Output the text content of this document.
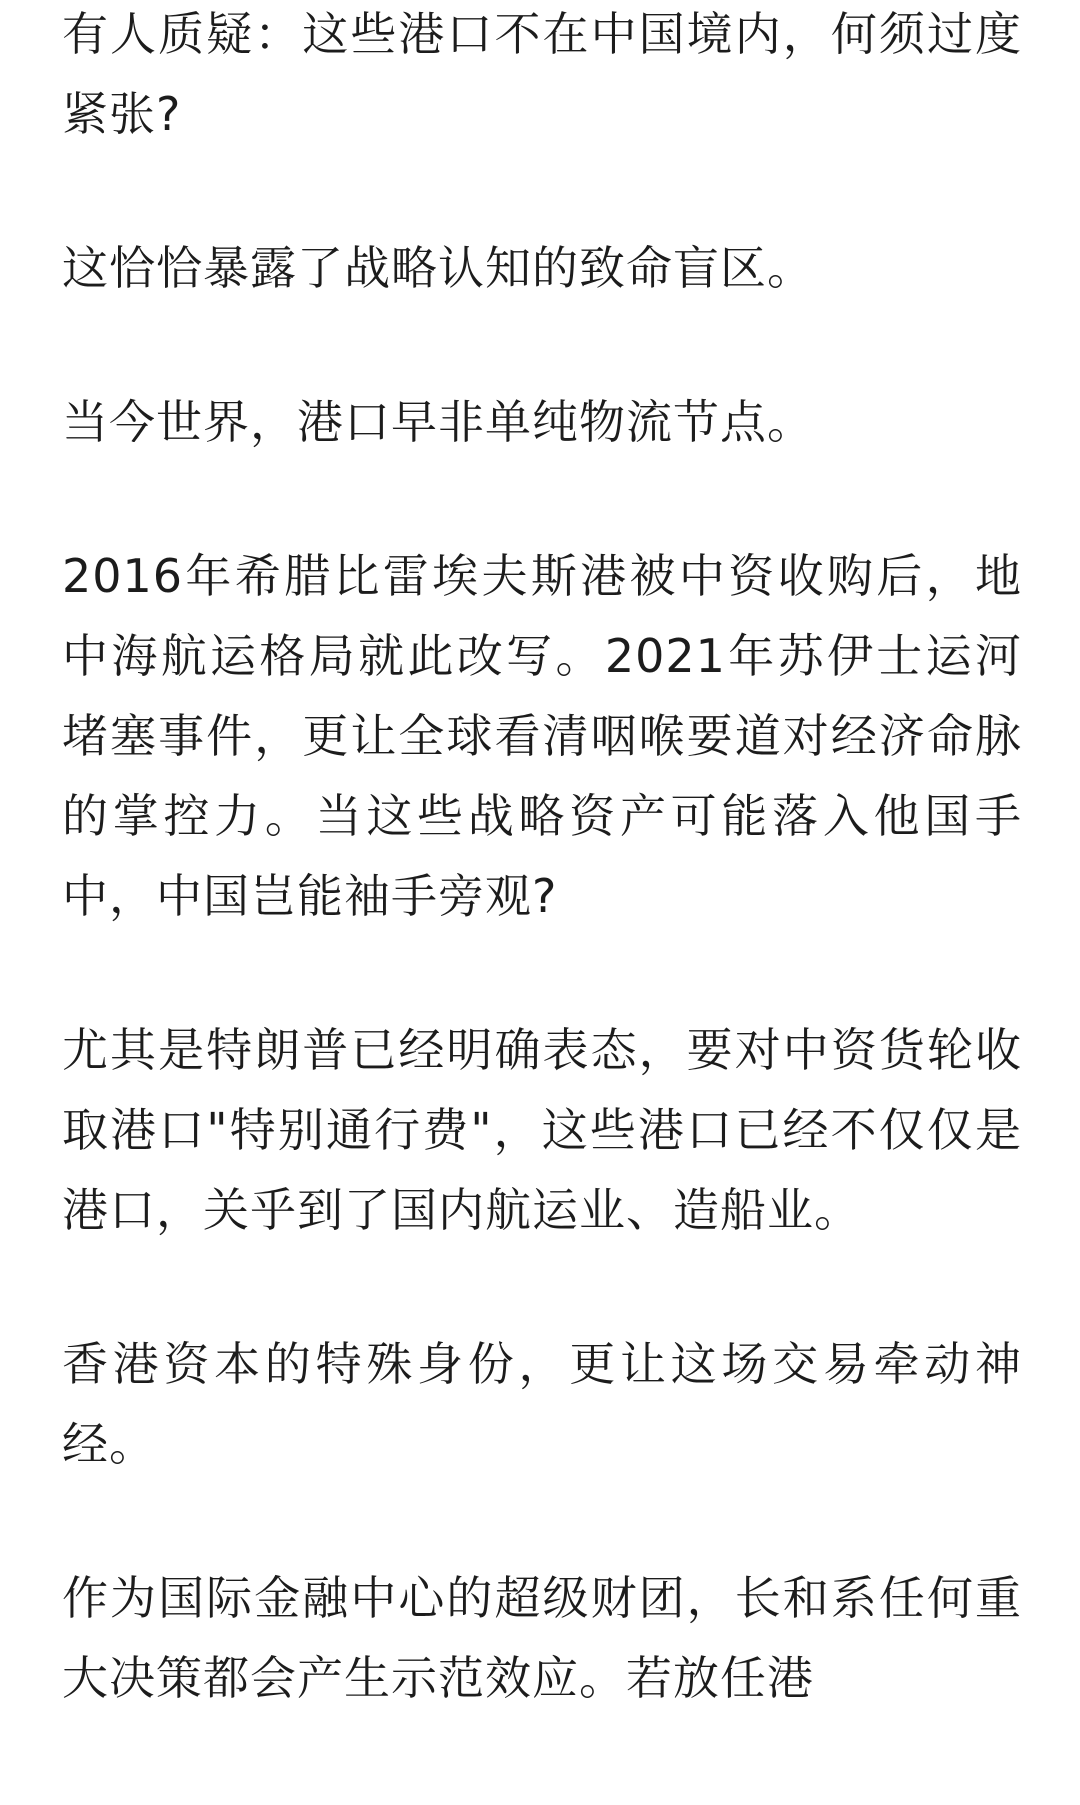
有人质疑：这些港口不在中国境内，何须过度紧张?

这恰恰暴露了战略认知的致命盲区。

当今世界，港口早非单纯物流节点。

2016年希腊比雷埃夫斯港被中资收购后，地中海航运格局就此改写。2021年苏伊士运河堵塞事件，更让全球看清咽喉要道对经济命脉的掌控力。当这些战略资产可能落入他国手中，中国岂能袖手旁观?

尤其是特朗普已经明确表态，要对中资货轮收取港口"特别通行费"，这些港口已经不仅仅是港口，关乎到了国内航运业、造船业。

香港资本的特殊身份，更让这场交易牵动神经。

作为国际金融中心的超级财团，长和系任何重大决策都会产生示范效应。若放任港
